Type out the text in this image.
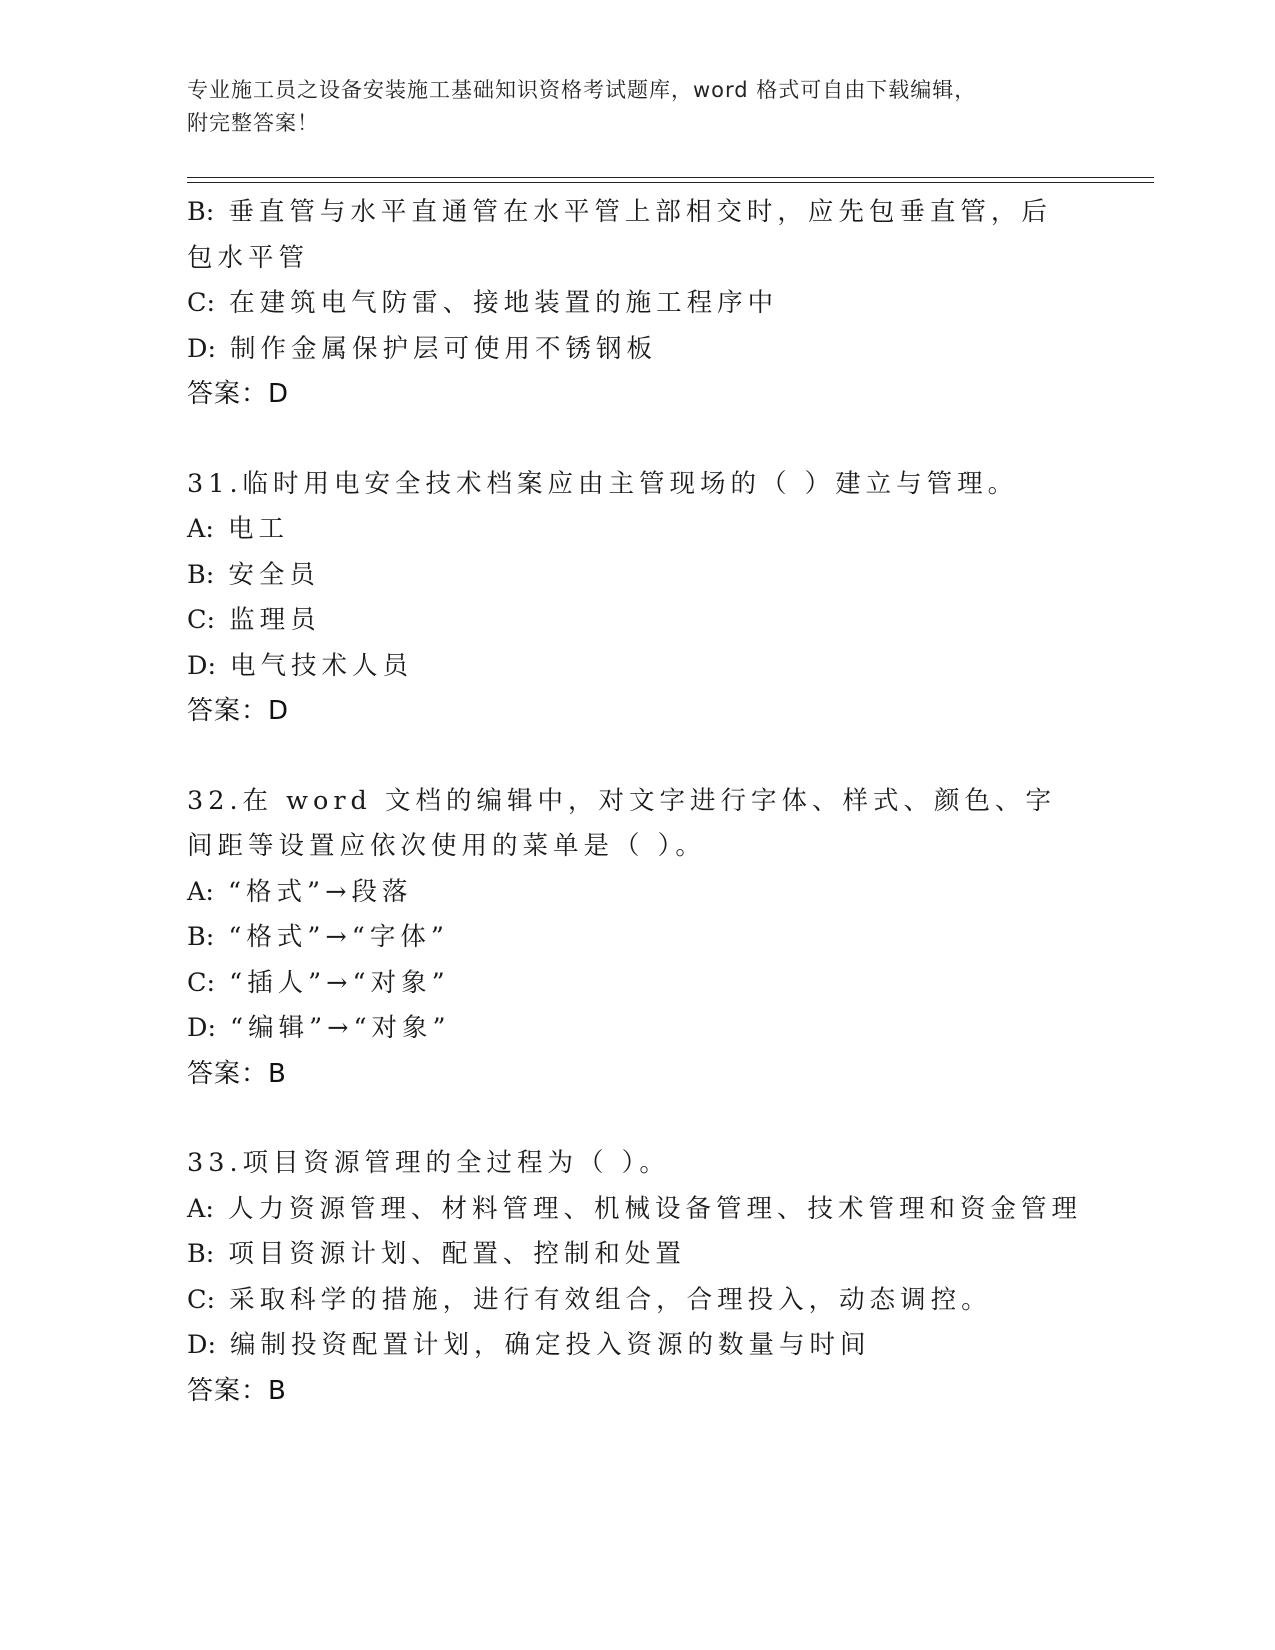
专业施工员之设备安装施工基础知识资格考试题库，word 格式可自由下载编辑，
附完整答案！
B: 垂直管与水平直通管在水平管上部相交时，应先包垂直管，后包水平管
C: 在建筑电气防雷、接地装置的施工程序中
D: 制作金属保护层可使用不锈钢板
答案：D
31.临时用电安全技术档案应由主管现场的（ ）建立与管理。
A: 电工
B: 安全员
C: 监理员
D: 电气技术人员
答案：D
32.在 word 文档的编辑中，对文字进行字体、样式、颜色、字间距等设置应依次使用的菜单是（ ）。
A: “格式”→段落
B: “格式”→“字体”
C: “插人”→“对象”
D: “编辑”→“对象”
答案：B
33.项目资源管理的全过程为（ ）。
A: 人力资源管理、材料管理、机械设备管理、技术管理和资金管理
B: 项目资源计划、配置、控制和处置
C: 采取科学的措施，进行有效组合，合理投入，动态调控。
D: 编制投资配置计划，确定投入资源的数量与时间
答案：B
